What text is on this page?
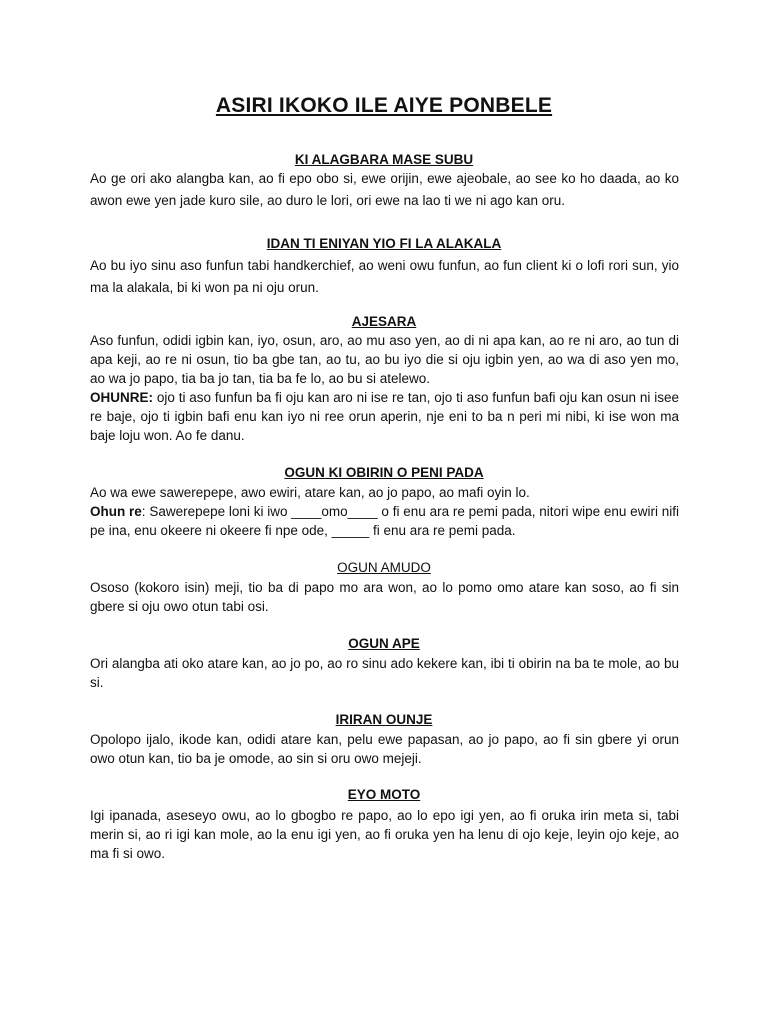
ASIRI IKOKO ILE AIYE PONBELE
KI ALAGBARA MASE SUBU

Ao ge ori ako alangba kan, ao fi epo obo si, ewe orijin, ewe ajeobale, ao see ko ho daada, ao ko awon ewe yen jade kuro sile, ao duro le lori, ori ewe na lao ti we ni ago kan oru.

IDAN TI ENIYAN YIO FI LA ALAKALA

Ao bu iyo sinu aso funfun tabi handkerchief, ao weni owu funfun, ao fun client ki o lofi rori sun, yio ma la alakala, bi ki won pa ni oju orun.

AJESARA

Aso funfun, odidi igbin kan, iyo, osun, aro, ao mu aso yen, ao di ni apa kan, ao re ni aro, ao tun di apa keji, ao re ni osun, tio ba gbe tan, ao tu, ao bu iyo die si oju igbin yen, ao wa di aso yen mo, ao wa jo papo, tia ba jo tan, tia ba fe lo, ao bu si atelewo.

OHUNRE: ojo ti aso funfun ba fi oju kan aro ni ise re tan, ojo ti aso funfun bafi oju kan osun ni isee re baje, ojo ti igbin bafi enu kan iyo ni ree orun aperin, nje eni to ba n peri mi nibi, ki ise won ma baje loju won. Ao fe danu.

OGUN KI OBIRIN O PENI PADA

Ao wa ewe sawerepepe, awo ewiri, atare kan, ao jo papo, ao mafi oyin lo.

Ohun re: Sawerepepe loni ki iwo ____omo____ o fi enu ara re pemi pada, nitori wipe enu ewiri nifi pe ina, enu okeere ni okeere fi npe ode, _____ fi enu ara re pemi pada.

OGUN AMUDO

Ososo (kokoro isin) meji, tio ba di papo mo ara won, ao lo pomo omo atare kan soso, ao fi sin gbere si oju owo otun tabi osi.

OGUN APE

Ori alangba ati oko atare kan, ao jo po, ao ro sinu ado kekere kan, ibi ti obirin na ba te mole, ao bu si.

IRIRAN OUNJE

Opolopo ijalo, ikode kan, odidi atare kan, pelu ewe papasan, ao jo papo, ao fi sin gbere yi orun owo otun kan, tio ba je omode, ao sin si oru owo mejeji.

EYO MOTO

Igi ipanada, aseseyo owu, ao lo gbogbo re papo, ao lo epo igi yen, ao fi oruka irin meta si, tabi merin si, ao ri igi kan mole, ao la enu igi yen, ao fi oruka yen ha lenu di ojo keje, leyin ojo keje, ao ma fi si owo.
